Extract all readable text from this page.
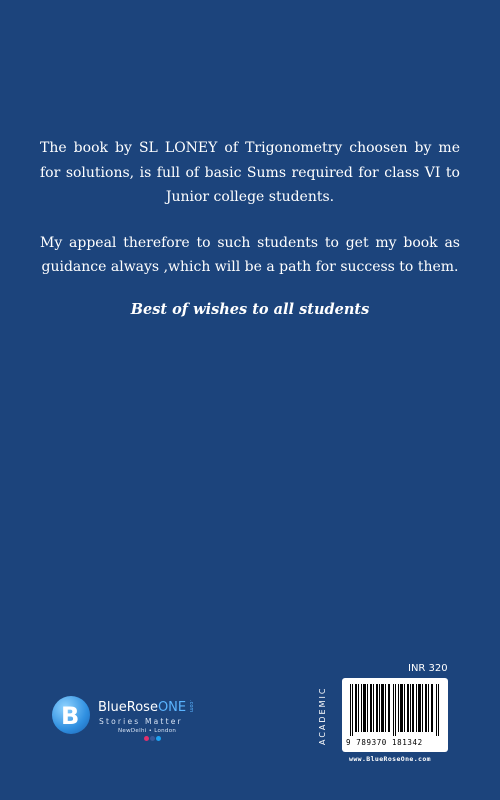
The book by SL LONEY of Trigonometry choosen by me for solutions, is full of basic Sums required for class VI to Junior college students.

My appeal therefore to such students to get my book as guidance always ,which will be a path for success to them.

Best of wishes to all students

B BlueRoseONE .com
Stories Matter
NewDelhi • London
INR 320
ACADEMIC	9 789370 181342
www.BlueRoseOne.com
